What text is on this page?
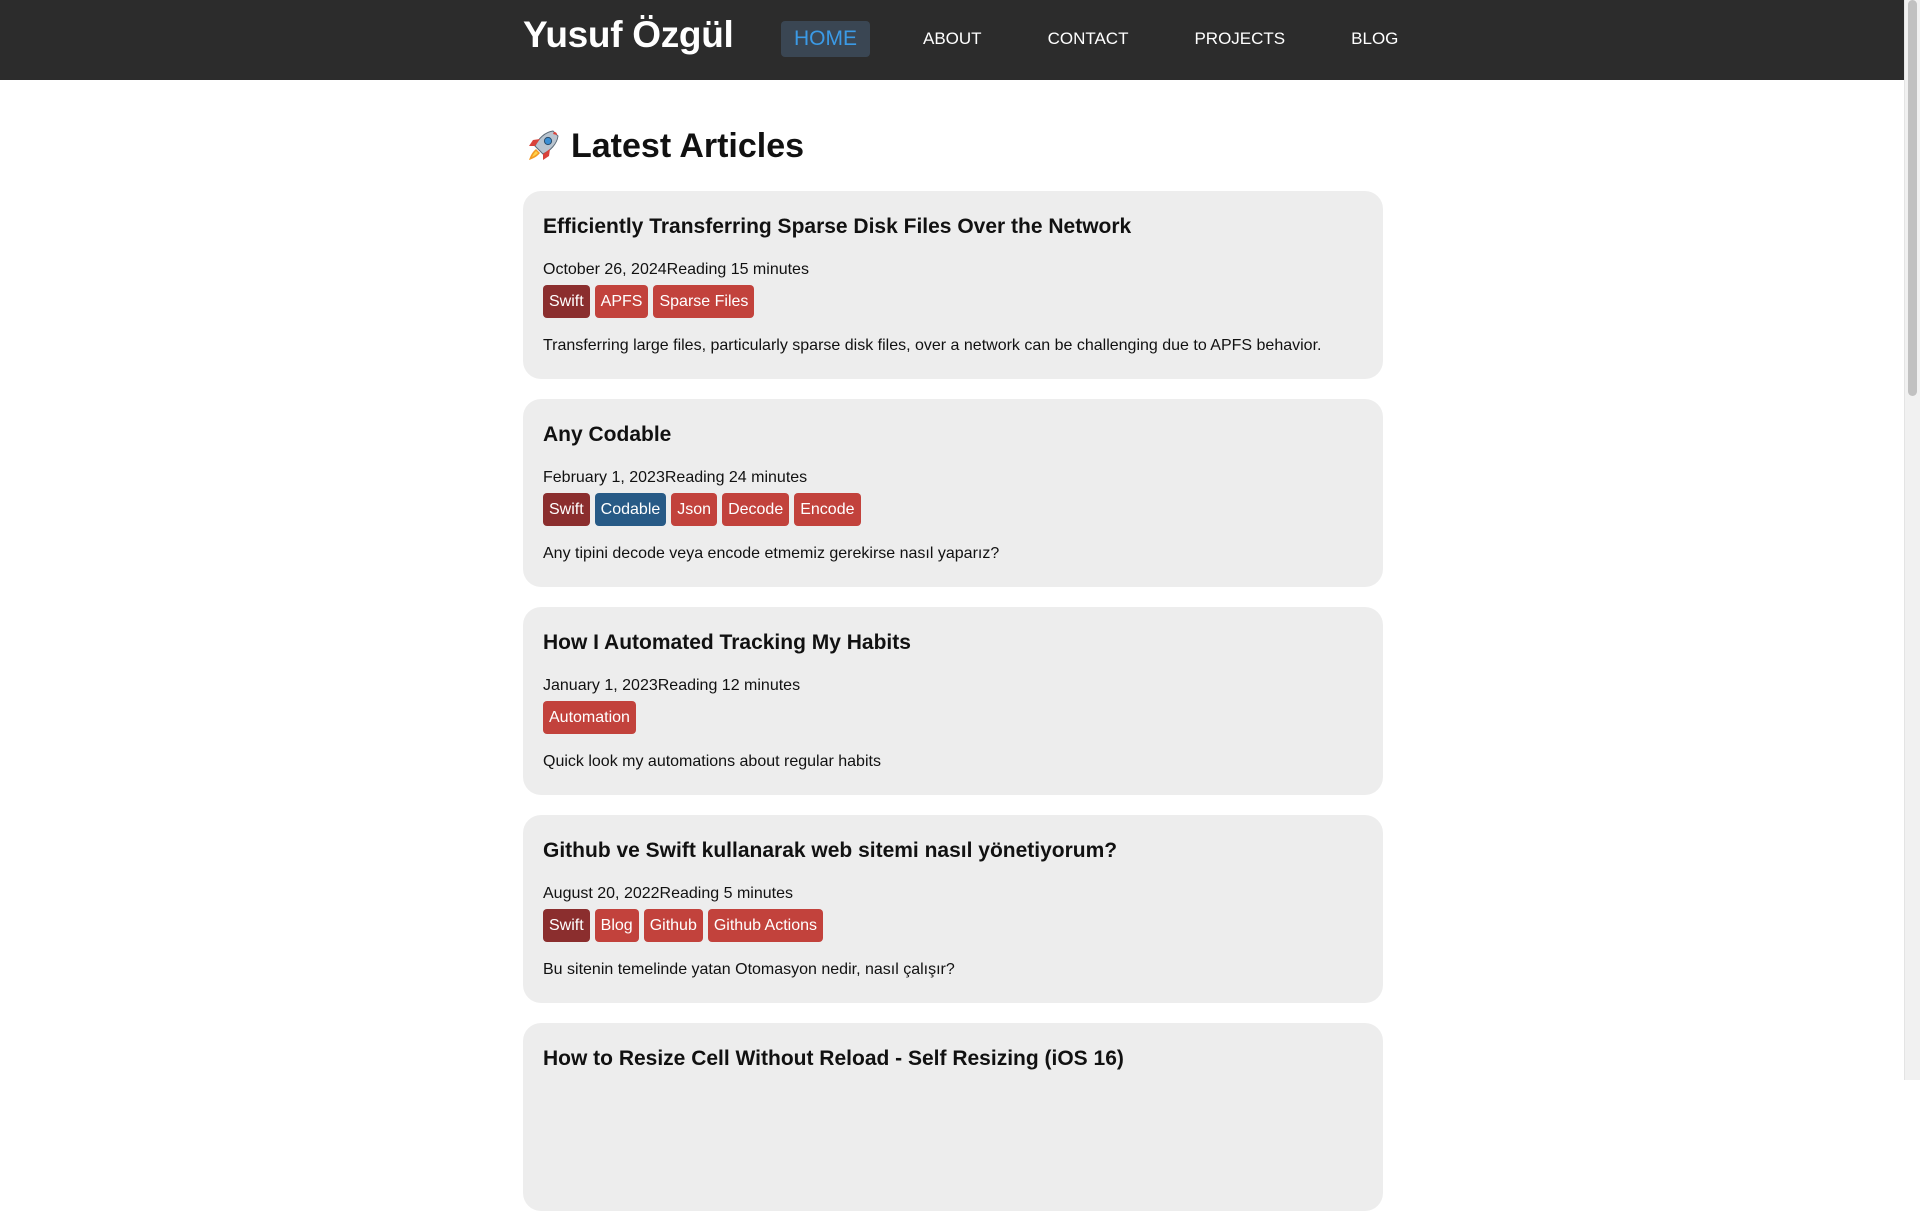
Yusuf Özgül	HOME	ABOUT	CONTACT	PROJECTS	BLOG
Latest Articles
Efficiently Transferring Sparse Disk Files Over the Network
October 26, 2024Reading 15 minutes
Swift	APFS	Sparse Files
Transferring large files, particularly sparse disk files, over a network can be challenging due to APFS behavior.
Any Codable
February 1, 2023Reading 24 minutes
Swift	Codable	Json	Decode	Encode
Any tipini decode veya encode etmemiz gerekirse nasıl yaparız?
How I Automated Tracking My Habits
January 1, 2023Reading 12 minutes
Automation
Quick look my automations about regular habits
Github ve Swift kullanarak web sitemi nasıl yönetiyorum?
August 20, 2022Reading 5 minutes
Swift	Blog	Github	Github Actions
Bu sitenin temelinde yatan Otomasyon nedir, nasıl çalışır?
How to Resize Cell Without Reload - Self Resizing (iOS 16)
